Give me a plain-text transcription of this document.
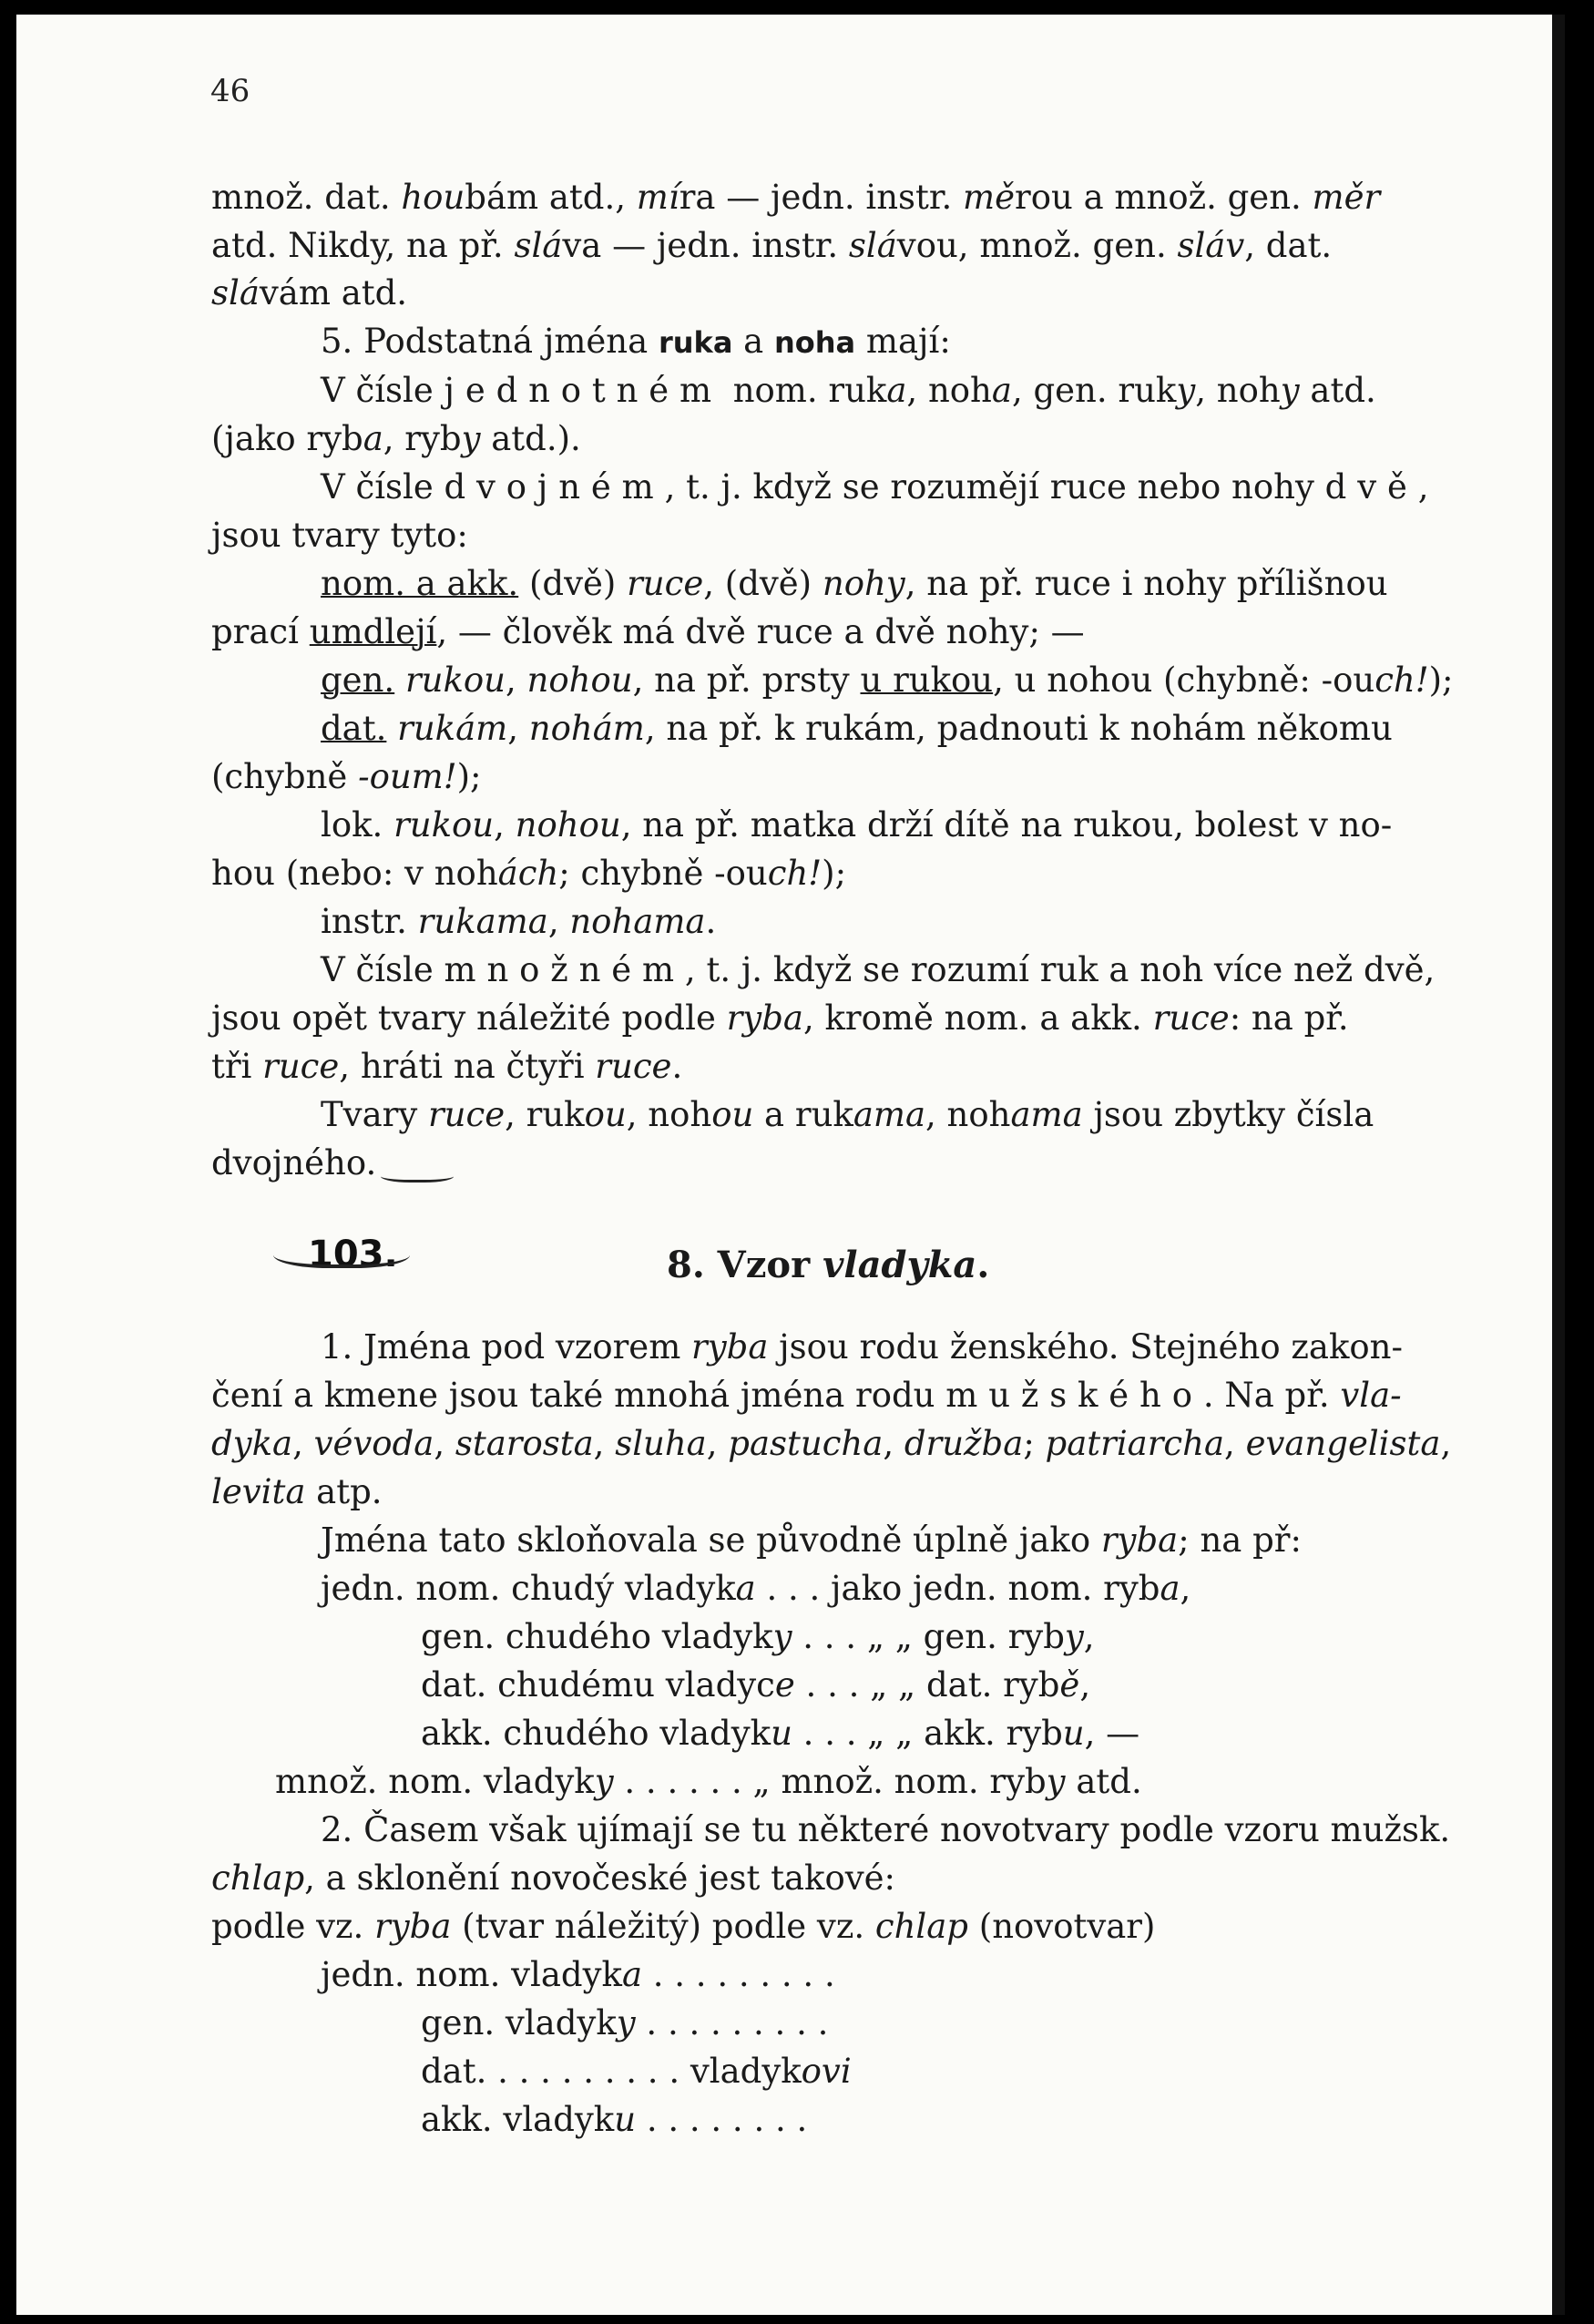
46
množ. dat. houbám atd., míra — jedn. instr. měrou a množ. gen. měr
atd. Nikdy, na př. sláva — jedn. instr. slávou, množ. gen. sláv, dat.
slávám atd.
5. Podstatná jména ruka a noha mají:
V čísle jednotném nom. ruka, noha, gen. ruky, nohy atd.
(jako ryba, ryby atd.).
V čísle dvojném, t. j. když se rozumějí ruce nebo nohy dvě,
jsou tvary tyto:
nom. a akk. (dvě) ruce, (dvě) nohy, na př. ruce i nohy přílišnou
prací umdlejí, — člověk má dvě ruce a dvě nohy; —
gen. rukou, nohou, na př. prsty u rukou, u nohou (chybně: -ouch!);
dat. rukám, nohám, na př. k rukám, padnouti k nohám někomu
(chybně -oum!);
lok. rukou, nohou, na př. matka drží dítě na rukou, bolest v no-
hou (nebo: v nohách; chybně -ouch!);
instr. rukama, nohama.
V čísle množném, t. j. když se rozumí ruk a noh více než dvě,
jsou opět tvary náležité podle ryba, kromě nom. a akk. ruce: na př.
tři ruce, hráti na čtyři ruce.
Tvary ruce, rukou, nohou a rukama, nohama jsou zbytky čísla
dvojného.
8. Vzor vladyka.
1. Jména pod vzorem ryba jsou rodu ženského. Stejného zakon-
čení a kmene jsou také mnohá jména rodu mužského. Na př. vla-
dyka, vévoda, starosta, sluha, pastucha, družba; patriarcha, evangelista,
levita atp.
Jména tato skloňovala se původně úplně jako ryba; na př:
jedn. nom. chudý vladyka . . . jako jedn. nom. ryba,
gen. chudého vladyky . . . „ „ gen. ryby,
dat. chudému vladyce . . . „ „ dat. rybě,
akk. chudého vladyku . . . „ „ akk. rybu, —
množ. nom. vladyky . . . . . . „ množ. nom. ryby atd.
2. Časem však ujímají se tu některé novotvary podle vzoru mužsk.
chlap, a sklonění novočeské jest takové:
podle vz. ryba (tvar náležitý) podle vz. chlap (novotvar)
jedn. nom. vladyka . . . . . . . . .
gen. vladyky . . . . . . . . .
dat. . . . . . . . . . vladykovi
akk. vladyku . . . . . . . .
103.
